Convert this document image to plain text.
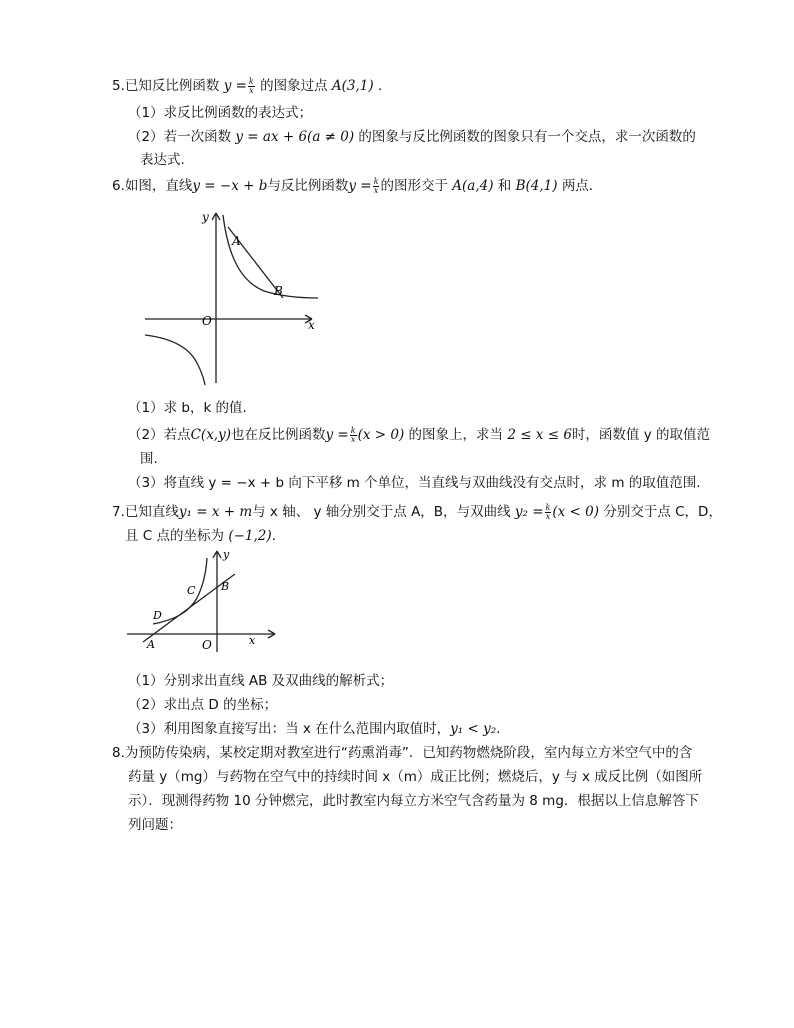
5.已知反比例函数 $y = \frac{k}{x}$ 的图象过点 A(3,1) .
（1）求反比例函数的表达式；
（2）若一次函数 y = ax + 6(a ≠ 0) 的图象与反比例函数的图象只有一个交点，求一次函数的
表达式.
6.如图，直线y = −x + b与反比例函数$y = \frac{k}{x}$ 的图形交于 A(a,4) 和 B(4,1) 两点.
y
x
O
A
B
（1）求 b，k 的值.
（2）若点C(x,y)也在反比例函数$y = \frac{k}{x} (x > 0)$ 的图象上，求当 2 ≤ x ≤ 6时，函数值 y 的取值范
围.
（3）将直线 y = −x + b 向下平移 m 个单位，当直线与双曲线没有交点时，求 m 的取值范围.
7.已知直线y₁ = x + m与 x 轴、 y 轴分别交于点 A，B，与双曲线 $y_2 = \frac{k}{x} (x < 0)$ 分别交于点 C，D，
且 C 点的坐标为 (−1,2).
y
x
O
A
B
C
D
（1）分别求出直线 AB 及双曲线的解析式；
（2）求出点 D 的坐标；
（3）利用图象直接写出：当 x 在什么范围内取值时，y₁ < y₂.
8.为预防传染病，某校定期对教室进行“药熏消毒”．已知药物燃烧阶段，室内每立方米空气中的含
药量 y（mg）与药物在空气中的持续时间 x（m）成正比例；燃烧后，y 与 x 成反比例（如图所
示）．现测得药物 10 分钟燃完，此时教室内每立方米空气含药量为 8 mg．根据以上信息解答下
列问题：
